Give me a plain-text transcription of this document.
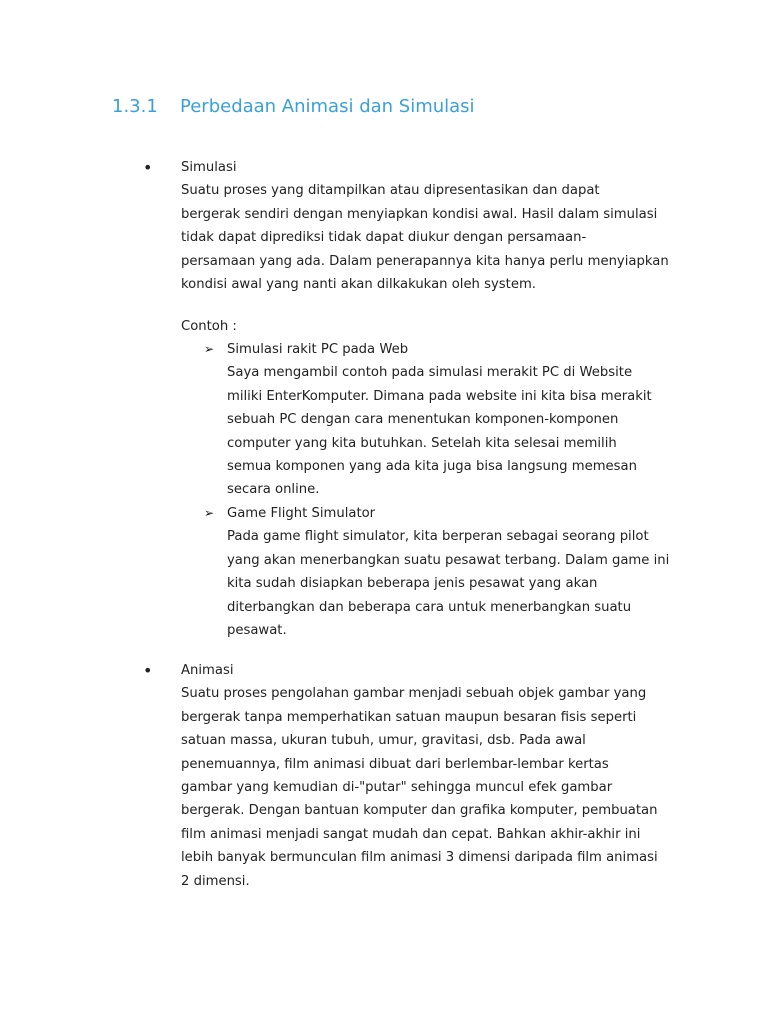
1.3.1 Perbedaan Animasi dan Simulasi
• Simulasi
Suatu proses yang ditampilkan atau dipresentasikan dan dapat
bergerak sendiri dengan menyiapkan kondisi awal. Hasil dalam simulasi
tidak dapat diprediksi tidak dapat diukur dengan persamaan-
persamaan yang ada. Dalam penerapannya kita hanya perlu menyiapkan
kondisi awal yang nanti akan dilkakukan oleh system.
Contoh :
➢ Simulasi rakit PC pada Web
Saya mengambil contoh pada simulasi merakit PC di Website
miliki EnterKomputer. Dimana pada website ini kita bisa merakit
sebuah PC dengan cara menentukan komponen-komponen
computer yang kita butuhkan. Setelah kita selesai memilih
semua komponen yang ada kita juga bisa langsung memesan
secara online.
➢ Game Flight Simulator
Pada game flight simulator, kita berperan sebagai seorang pilot
yang akan menerbangkan suatu pesawat terbang. Dalam game ini
kita sudah disiapkan beberapa jenis pesawat yang akan
diterbangkan dan beberapa cara untuk menerbangkan suatu
pesawat.
• Animasi
Suatu proses pengolahan gambar menjadi sebuah objek gambar yang
bergerak tanpa memperhatikan satuan maupun besaran fisis seperti
satuan massa, ukuran tubuh, umur, gravitasi, dsb. Pada awal
penemuannya, film animasi dibuat dari berlembar-lembar kertas
gambar yang kemudian di-"putar" sehingga muncul efek gambar
bergerak. Dengan bantuan komputer dan grafika komputer, pembuatan
film animasi menjadi sangat mudah dan cepat. Bahkan akhir-akhir ini
lebih banyak bermunculan film animasi 3 dimensi daripada film animasi
2 dimensi.
